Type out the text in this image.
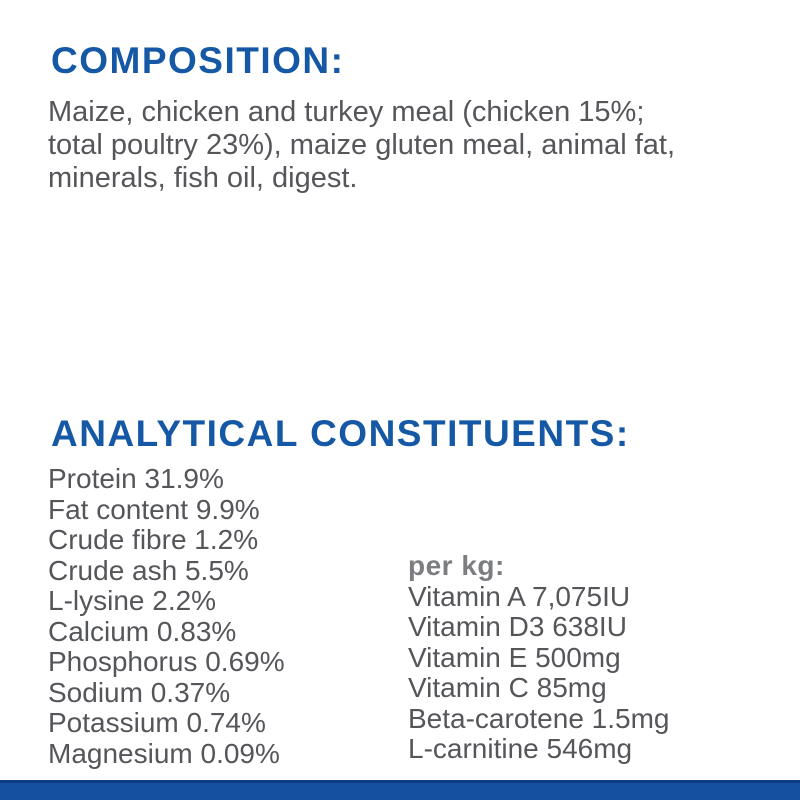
COMPOSITION:
Maize, chicken and turkey meal (chicken 15%;
total poultry 23%), maize gluten meal, animal fat,
minerals, fish oil, digest.
ANALYTICAL CONSTITUENTS:
Protein 31.9%
Fat content 9.9%
Crude fibre 1.2%
Crude ash 5.5%
L-lysine 2.2%
Calcium 0.83%
Phosphorus 0.69%
Sodium 0.37%
Potassium 0.74%
Magnesium 0.09%
per kg:
Vitamin A 7,075IU
Vitamin D3 638IU
Vitamin E 500mg
Vitamin C 85mg
Beta-carotene 1.5mg
L-carnitine 546mg
